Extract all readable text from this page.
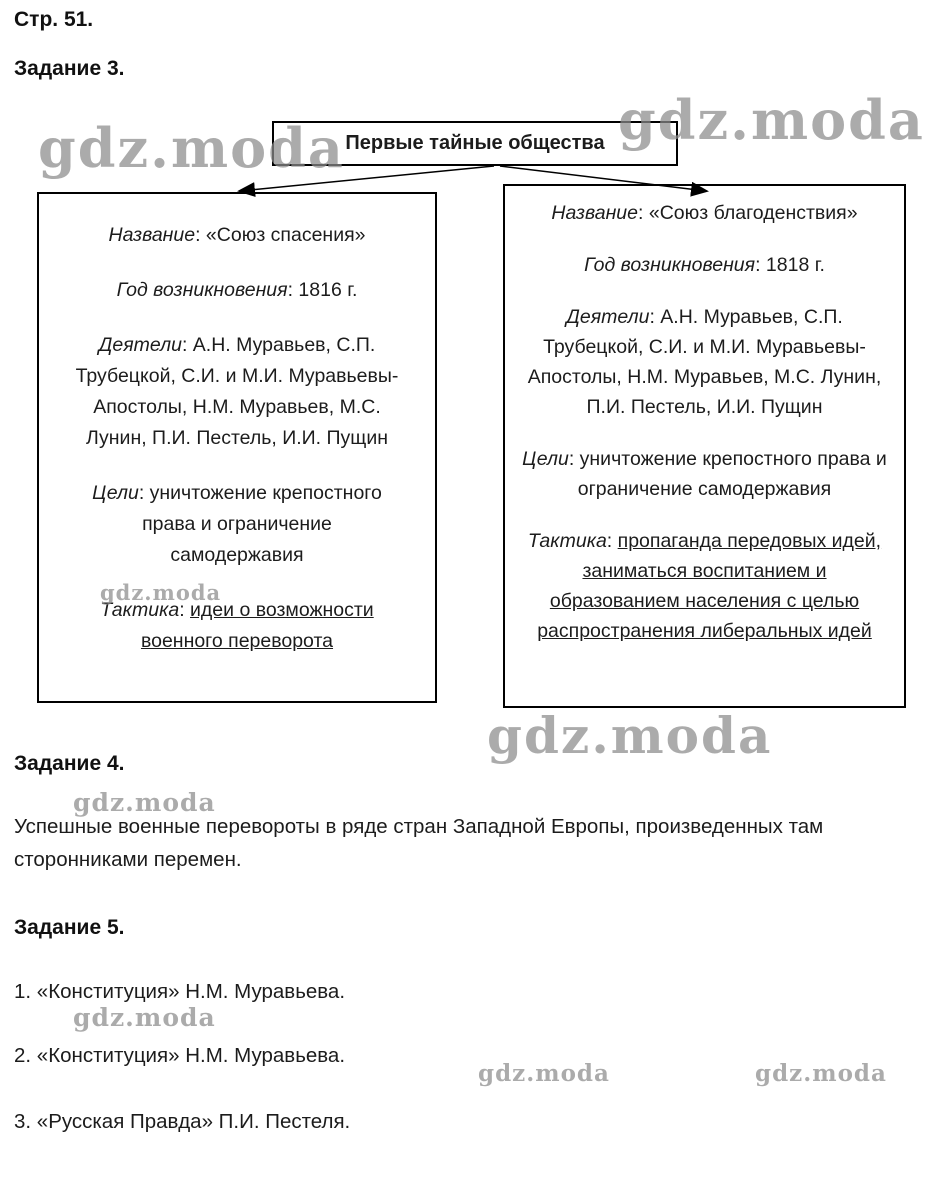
Стр. 51.
Задание 3.
gdz.moda	gdz.moda
gdz.moda
gdz.moda
gdz.moda
gdz.moda
gdz.moda	gdz.moda
Первые тайные общества

Название: «Союз спасения»

Год возникновения: 1816 г.

Деятели: А.Н. Муравьев, С.П. Трубецкой, С.И. и М.И. Муравьевы-Апостолы, Н.М. Муравьев, М.С. Лунин, П.И. Пестель, И.И. Пущин

Цели: уничтожение крепостного права и ограничение самодержавия

Тактика: идеи о возможности военного переворота

Название: «Союз благоденствия»

Год возникновения: 1818 г.

Деятели: А.Н. Муравьев, С.П. Трубецкой, С.И. и М.И. Муравьевы-Апостолы, Н.М. Муравьев, М.С. Лунин, П.И. Пестель, И.И. Пущин

Цели: уничтожение крепостного права и ограничение самодержавия

Тактика: пропаганда передовых идей, заниматься воспитанием и образованием населения с целью распространения либеральных идей

Задание 4.

Успешные военные перевороты в ряде стран Западной Европы, произведенных там сторонниками перемен.

Задание 5.

1. «Конституция» Н.М. Муравьева.

2. «Конституция» Н.М. Муравьева.

3. «Русская Правда» П.И. Пестеля.
